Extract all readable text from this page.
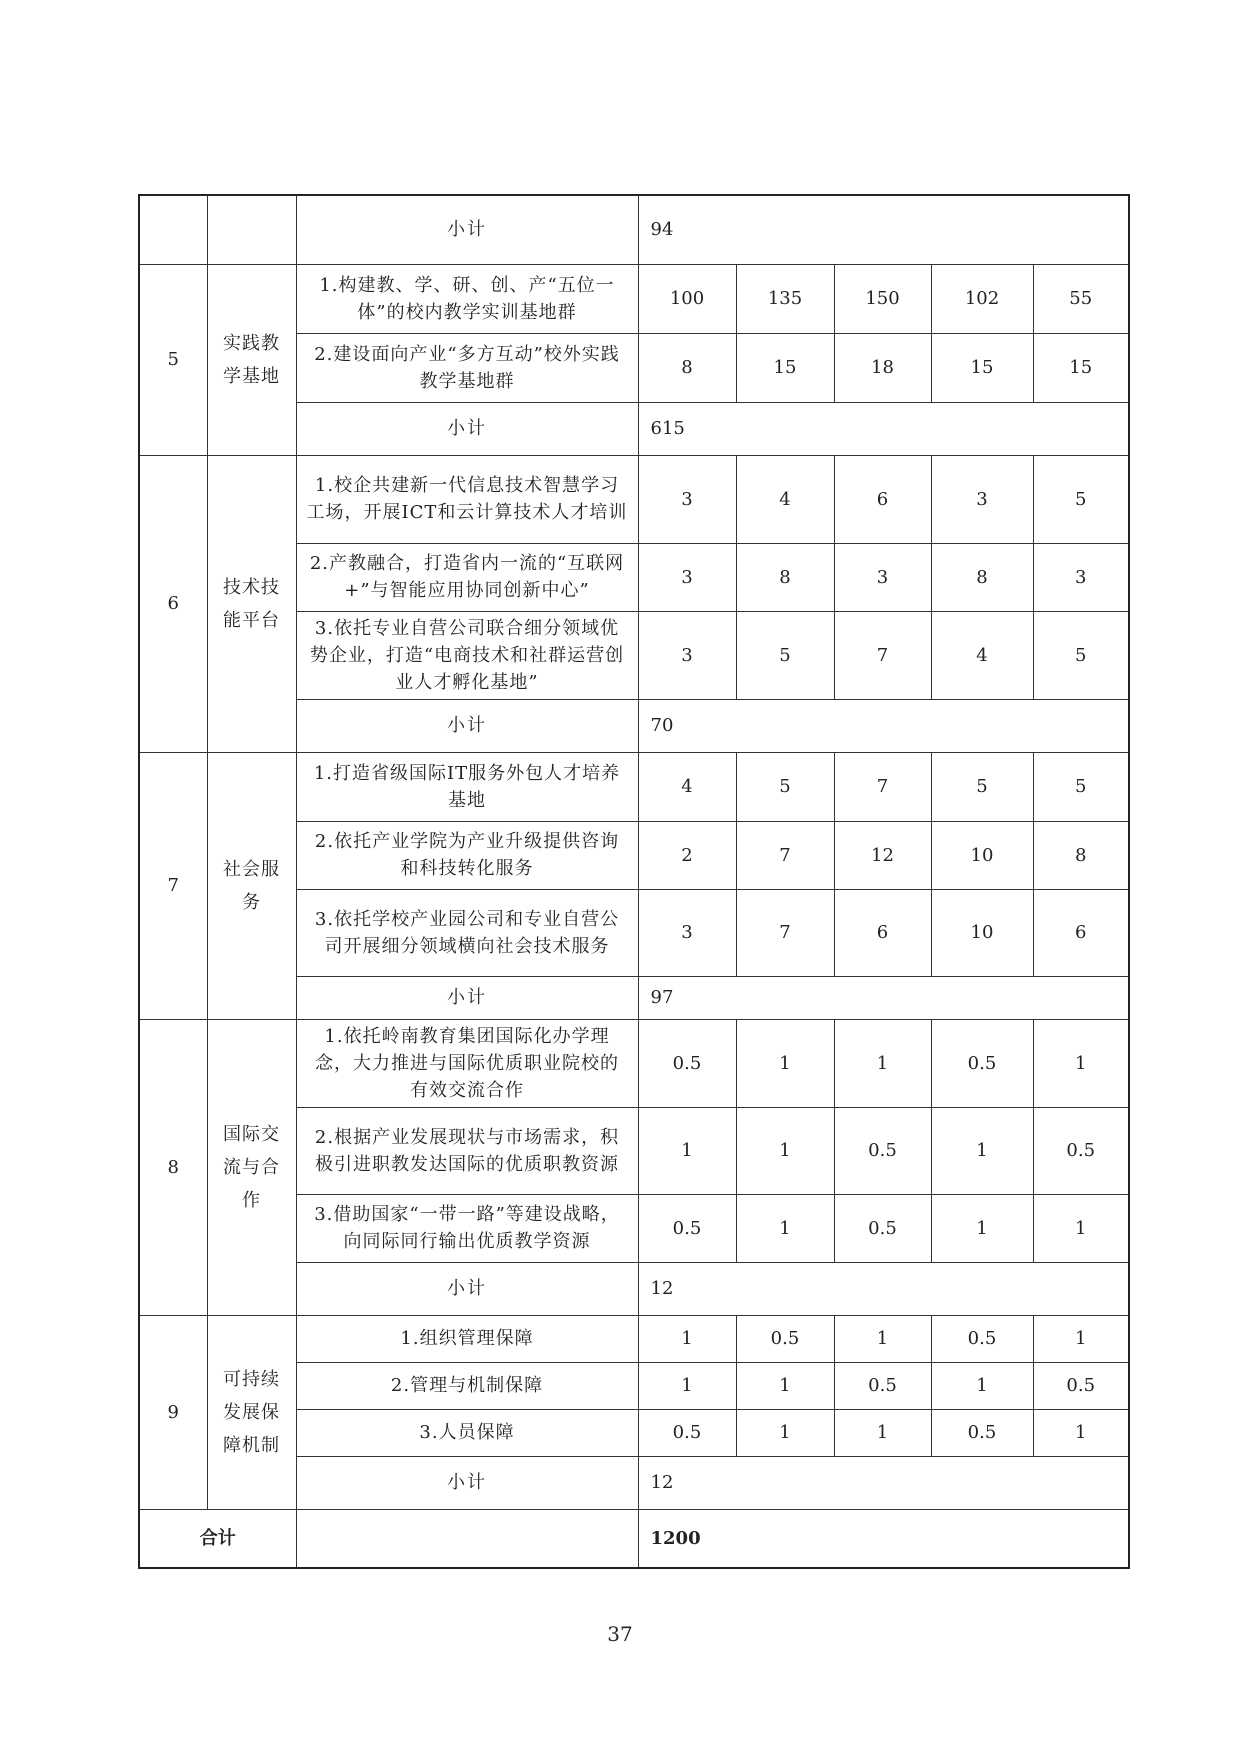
		小计	94				
5	实践教学基地	1.构建教、学、研、创、产“五位一体”的校内教学实训基地群	100	135	150	102	55
		2.建设面向产业“多方互动”校外实践教学基地群	8	15	18	15	15
		小计	615				
6	技术技能平台	1.校企共建新一代信息技术智慧学习工场，开展ICT和云计算技术人才培训	3	4	6	3	5
		2.产教融合，打造省内一流的“互联网+”与智能应用协同创新中心”	3	8	3	8	3
		3.依托专业自营公司联合细分领域优势企业，打造“电商技术和社群运营创业人才孵化基地”	3	5	7	4	5
		小计	70				
7	社会服务	1.打造省级国际IT服务外包人才培养基地	4	5	7	5	5
		2.依托产业学院为产业升级提供咨询和科技转化服务	2	7	12	10	8
		3.依托学校产业园公司和专业自营公司开展细分领域横向社会技术服务	3	7	6	10	6
		小计	97				
8	国际交流与合作	1.依托岭南教育集团国际化办学理念，大力推进与国际优质职业院校的有效交流合作	0.5	1	1	0.5	1
		2.根据产业发展现状与市场需求，积极引进职教发达国际的优质职教资源	1	1	0.5	1	0.5
		3.借助国家“一带一路”等建设战略，向同际同行输出优质教学资源	0.5	1	0.5	1	1
		小计	12				
9	可持续发展保障机制	1.组织管理保障	1	0.5	1	0.5	1
		2.管理与机制保障	1	1	0.5	1	0.5
		3.人员保障	0.5	1	1	0.5	1
		小计	12				
合计			1200				
37
